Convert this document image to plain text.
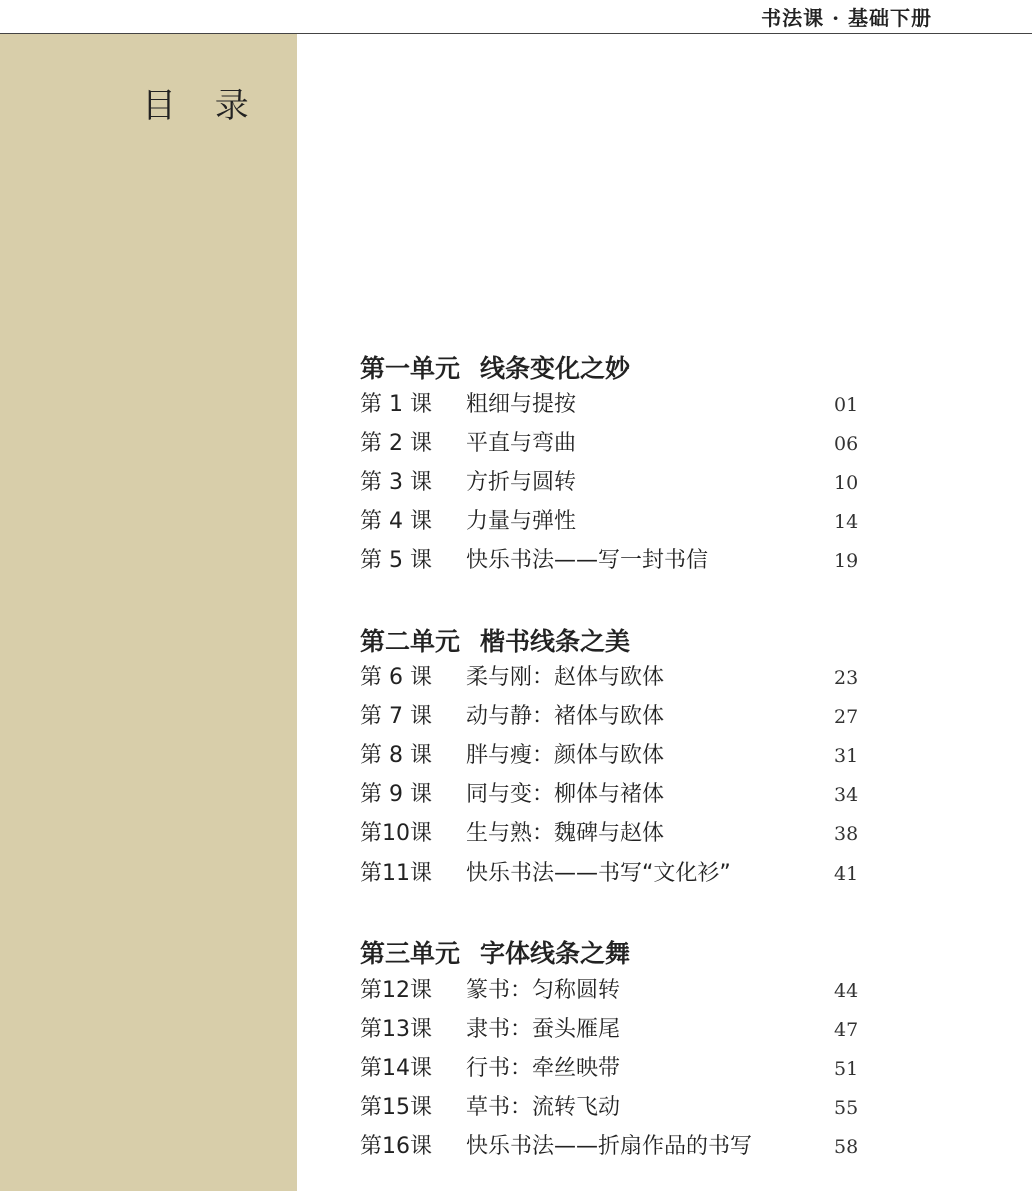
书法课 · 基础下册
目 录
第一单元 线条变化之妙
第 1 课 粗细与提按	01
第 2 课 平直与弯曲	06
第 3 课 方折与圆转	10
第 4 课 力量与弹性	14
第 5 课 快乐书法——写一封书信	19
第二单元 楷书线条之美
第 6 课 柔与刚：赵体与欧体	23
第 7 课 动与静：褚体与欧体	27
第 8 课 胖与瘦：颜体与欧体	31
第 9 课 同与变：柳体与褚体	34
第10课 生与熟：魏碑与赵体	38
第11课 快乐书法——书写“文化衫”	41
第三单元 字体线条之舞
第12课 篆书：匀称圆转	44
第13课 隶书：蚕头雁尾	47
第14课 行书：牵丝映带	51
第15课 草书：流转飞动	55
第16课 快乐书法——折扇作品的书写	58
